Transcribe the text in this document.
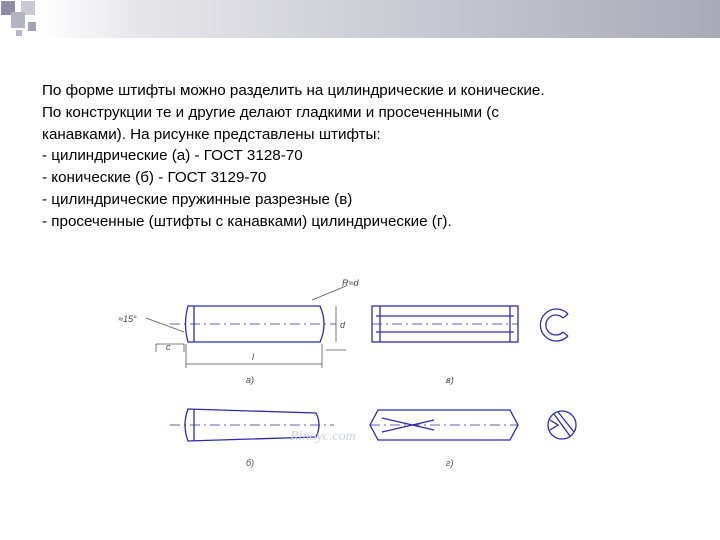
По форме штифты можно разделить на цилиндрические и конические.
По конструкции те и другие делают гладкими и просеченными (с
канавками). На рисунке представлены штифты:
- цилиндрические (а) - ГОСТ 3128-70
- конические (б) - ГОСТ 3129-70
- цилиндрические пружинные разрезные (в)
- просеченные (штифты с канавками) цилиндрические (г).
≈15°
R≈d
c
d
l
а)	в)
б)	г)
Rinoyc.com
